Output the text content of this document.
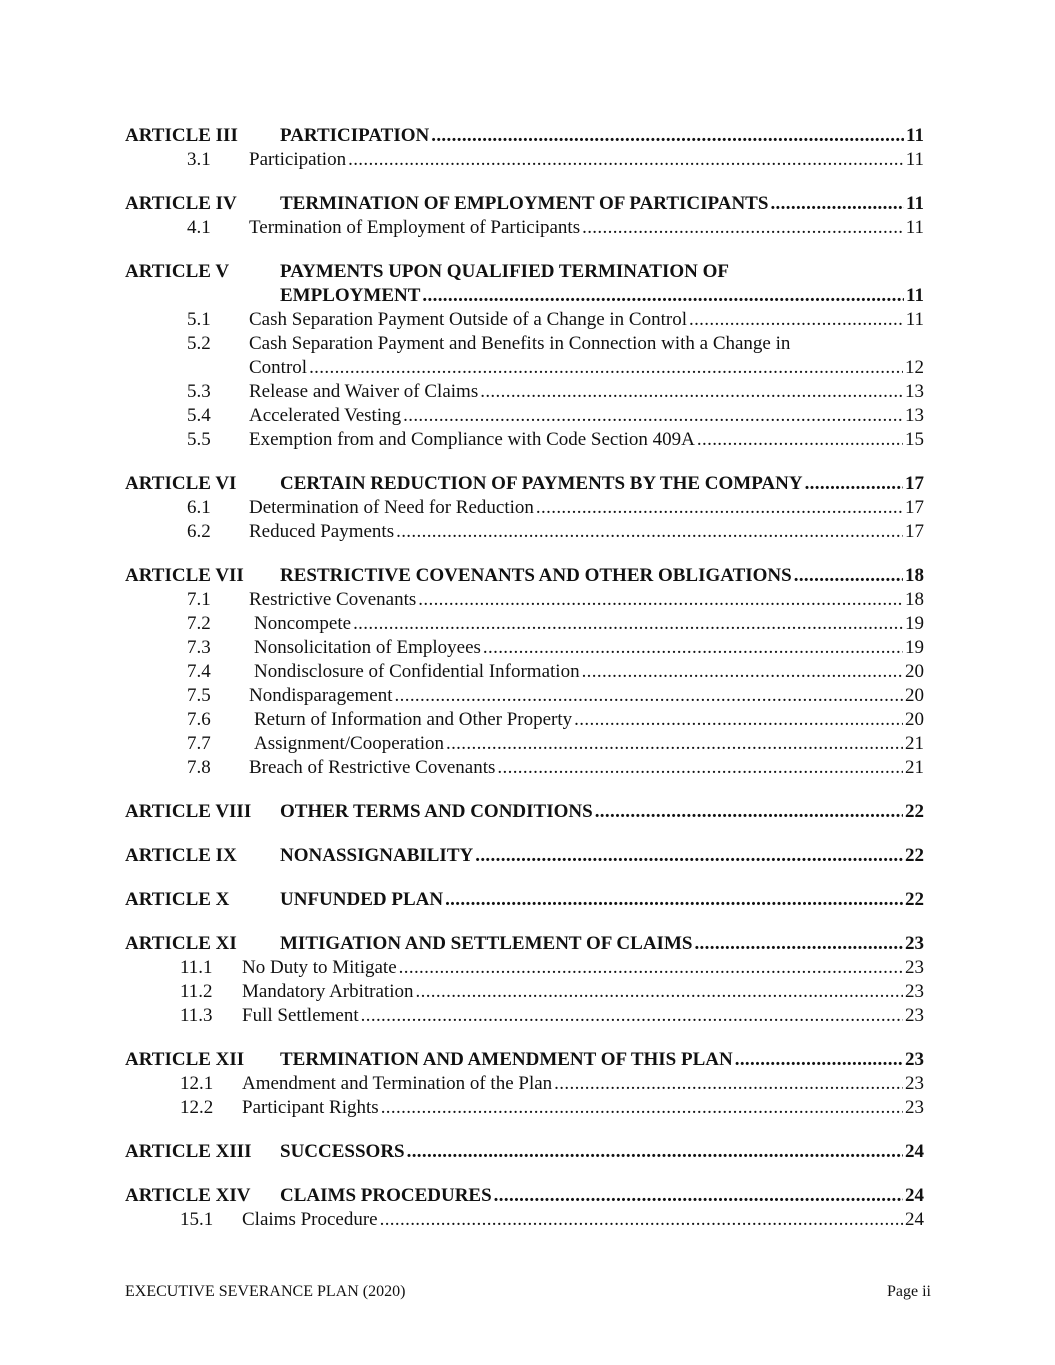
ARTICLE III	PARTICIPATION . . .	11
3.1	Participation . . .	11
ARTICLE IV	TERMINATION OF EMPLOYMENT OF PARTICIPANTS . . .	11
4.1	Termination of Employment of Participants . . .	11
ARTICLE V	PAYMENTS UPON QUALIFIED TERMINATION OF
EMPLOYMENT . . .	11
5.1	Cash Separation Payment Outside of a Change in Control . . .	11
5.2	Cash Separation Payment and Benefits in Connection with a Change in
Control . . .	12
5.3	Release and Waiver of Claims . . .	13
5.4	Accelerated Vesting . . .	13
5.5	Exemption from and Compliance with Code Section 409A . . .	15
ARTICLE VI	CERTAIN REDUCTION OF PAYMENTS BY THE COMPANY . . .	17
6.1	Determination of Need for Reduction . . .	17
6.2	Reduced Payments . . .	17
ARTICLE VII	RESTRICTIVE COVENANTS AND OTHER OBLIGATIONS . . .	18
7.1	Restrictive Covenants . . .	18
7.2	Noncompete . . .	19
7.3	Nonsolicitation of Employees . . .	19
7.4	Nondisclosure of Confidential Information . . .	20
7.5	Nondisparagement . . .	20
7.6	Return of Information and Other Property . . .	20
7.7	Assignment/Cooperation . . .	21
7.8	Breach of Restrictive Covenants . . .	21
ARTICLE VIII	OTHER TERMS AND CONDITIONS . . .	22
ARTICLE IX	NONASSIGNABILITY . . .	22
ARTICLE X	UNFUNDED PLAN . . .	22
ARTICLE XI	MITIGATION AND SETTLEMENT OF CLAIMS . . .	23
11.1	No Duty to Mitigate . . .	23
11.2	Mandatory Arbitration . . .	23
11.3	Full Settlement . . .	23
ARTICLE XII	TERMINATION AND AMENDMENT OF THIS PLAN . . .	23
12.1	Amendment and Termination of the Plan . . .	23
12.2	Participant Rights . . .	23
ARTICLE XIII	SUCCESSORS . . .	24
ARTICLE XIV	CLAIMS PROCEDURES . . .	24
15.1	Claims Procedure . . .	24
EXECUTIVE SEVERANCE PLAN (2020)	Page ii
